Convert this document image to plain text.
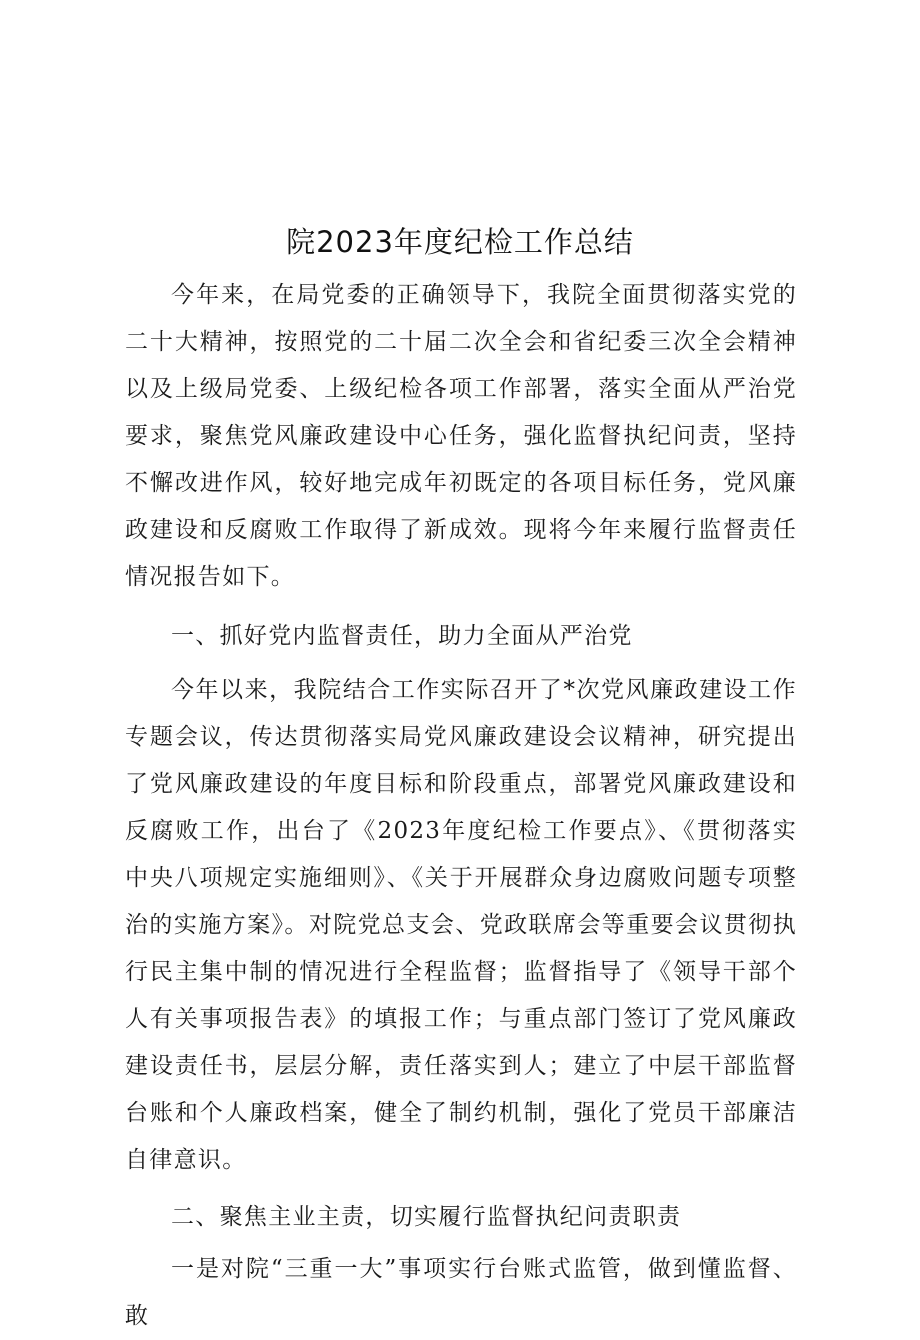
院2023年度纪检工作总结

今年来，在局党委的正确领导下，我院全面贯彻落实党的二十大精神，按照党的二十届二次全会和省纪委三次全会精神以及上级局党委、上级纪检各项工作部署，落实全面从严治党要求，聚焦党风廉政建设中心任务，强化监督执纪问责，坚持不懈改进作风，较好地完成年初既定的各项目标任务，党风廉政建设和反腐败工作取得了新成效。现将今年来履行监督责任情况报告如下。

一、抓好党内监督责任，助力全面从严治党

今年以来，我院结合工作实际召开了*次党风廉政建设工作专题会议，传达贯彻落实局党风廉政建设会议精神，研究提出了党风廉政建设的年度目标和阶段重点，部署党风廉政建设和反腐败工作，出台了《2023年度纪检工作要点》、《贯彻落实中央八项规定实施细则》、《关于开展群众身边腐败问题专项整治的实施方案》。对院党总支会、党政联席会等重要会议贯彻执行民主集中制的情况进行全程监督；监督指导了《领导干部个人有关事项报告表》的填报工作；与重点部门签订了党风廉政建设责任书，层层分解，责任落实到人；建立了中层干部监督台账和个人廉政档案，健全了制约机制，强化了党员干部廉洁自律意识。

二、聚焦主业主责，切实履行监督执纪问责职责

一是对院“三重一大”事项实行台账式监管，做到懂监督、敢
